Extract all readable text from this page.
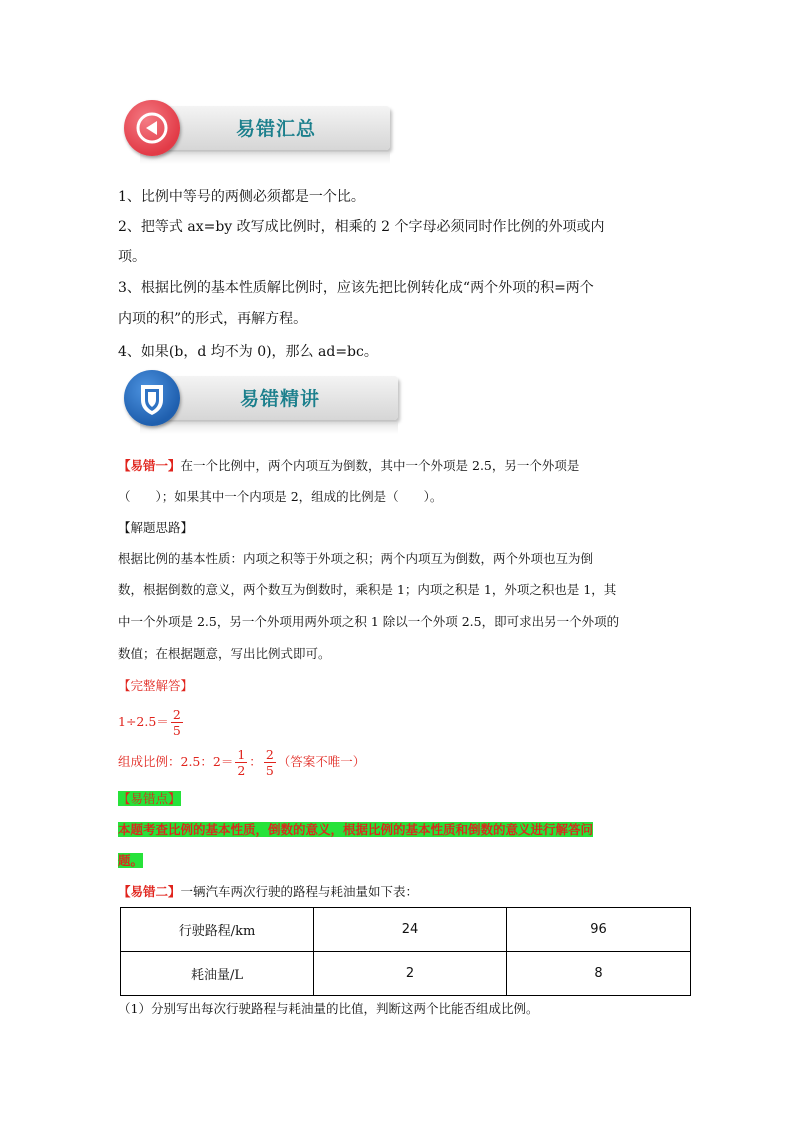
易错汇总
1、比例中等号的两侧必须都是一个比。
2、把等式 ax=by 改写成比例时，相乘的 2 个字母必须同时作比例的外项或内
项。
3、根据比例的基本性质解比例时，应该先把比例转化成“两个外项的积=两个
内项的积”的形式，再解方程。
4、如果(b，d 均不为 0)，那么 ad=bc。
易错精讲
【易错一】在一个比例中，两个内项互为倒数，其中一个外项是 2.5，另一个外项是
（　　）；如果其中一个内项是 2，组成的比例是（　　）。
【解题思路】
根据比例的基本性质：内项之积等于外项之积；两个内项互为倒数，两个外项也互为倒
数，根据倒数的意义，两个数互为倒数时，乘积是 1；内项之积是 1，外项之积也是 1，其
中一个外项是 2.5，另一个外项用两外项之积 1 除以一个外项 2.5，即可求出另一个外项的
数值；在根据题意，写出比例式即可。
【完整解答】
$1\div 2.5= \frac{2}{5}$
组成比例：2.5：$2= \frac{1}{2}$ ： $\frac{2}{5}$ （答案不唯一）
【易错点】
本题考查比例的基本性质，倒数的意义，根据比例的基本性质和倒数的意义进行解答问
题。
【易错二】一辆汽车两次行驶的路程与耗油量如下表：
行驶路程/km	24	96
耗油量/L	2	8
（1）分别写出每次行驶路程与耗油量的比值，判断这两个比能否组成比例。
